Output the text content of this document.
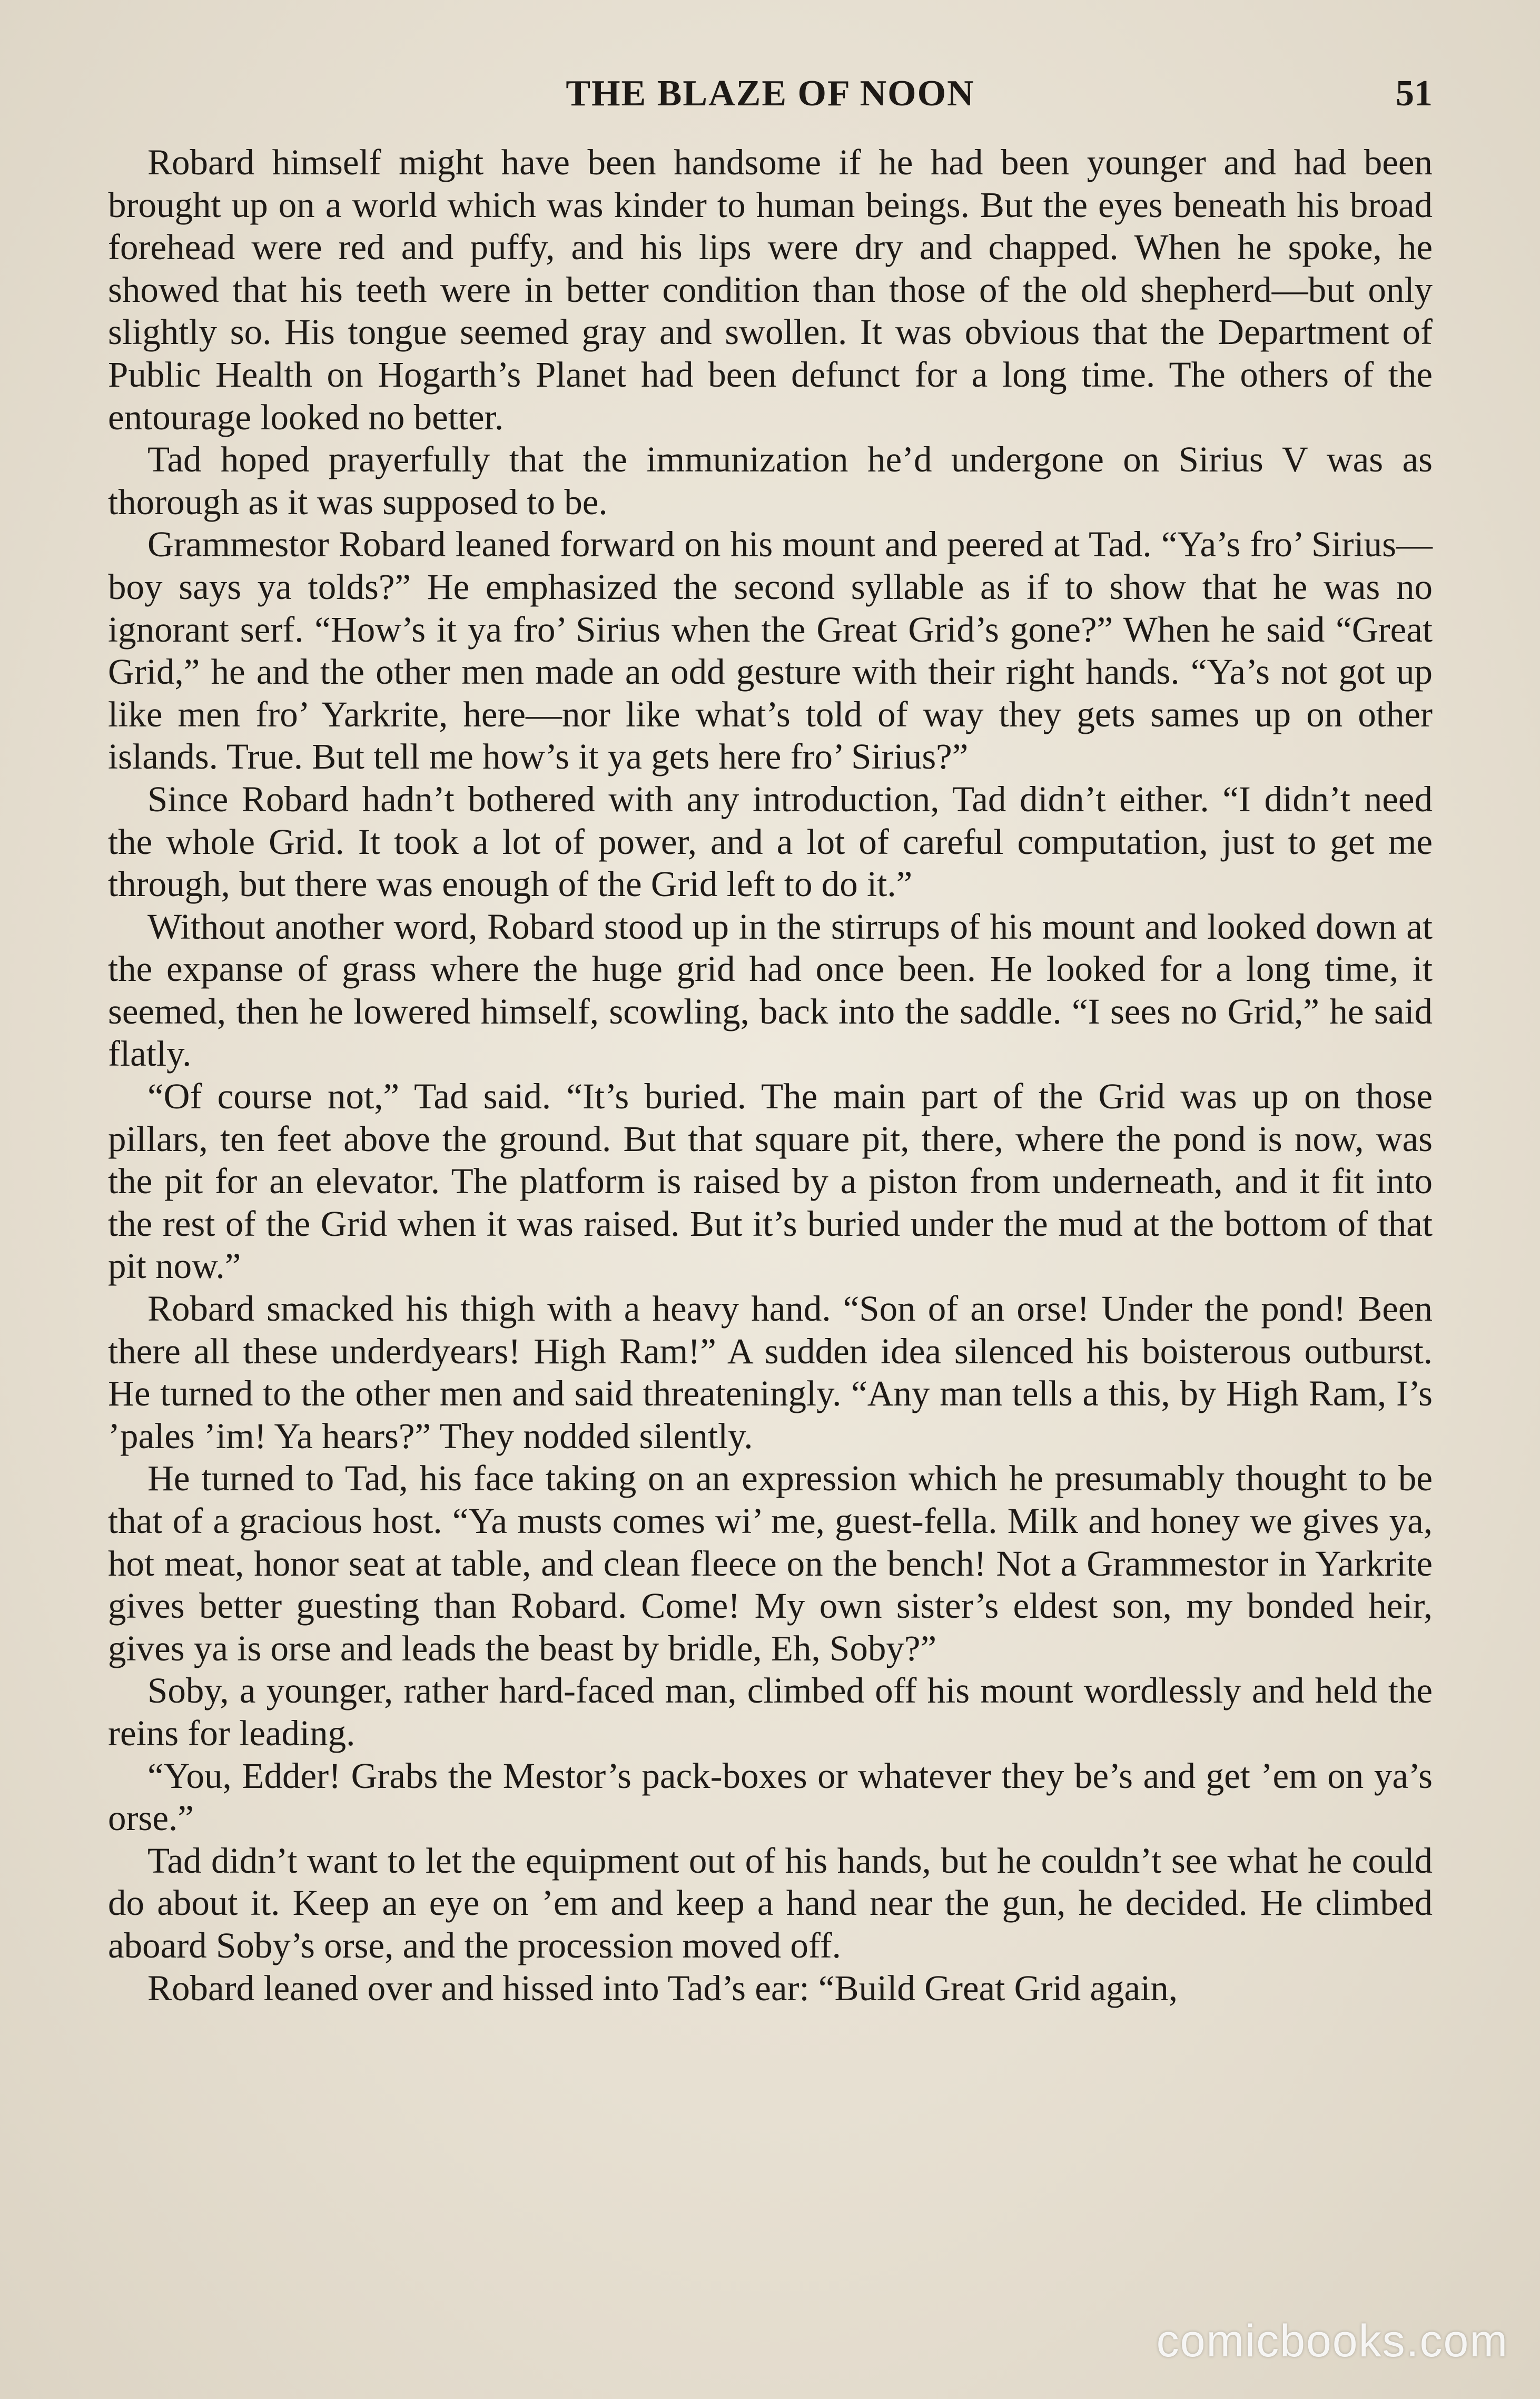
THE BLAZE OF NOON	51

Robard himself might have been handsome if he had been younger and had been brought up on a world which was kinder to human beings. But the eyes beneath his broad forehead were red and puffy, and his lips were dry and chapped. When he spoke, he showed that his teeth were in better condition than those of the old shepherd—but only slightly so. His tongue seemed gray and swollen. It was obvious that the Department of Public Health on Hogarth’s Planet had been defunct for a long time. The others of the entourage looked no better.

Tad hoped prayerfully that the immunization he’d undergone on Sirius V was as thorough as it was supposed to be.

Grammestor Robard leaned forward on his mount and peered at Tad. “Ya’s fro’ Sirius—boy says ya tolds?” He emphasized the second syllable as if to show that he was no ignorant serf. “How’s it ya fro’ Sirius when the Great Grid’s gone?” When he said “Great Grid,” he and the other men made an odd gesture with their right hands. “Ya’s not got up like men fro’ Yarkrite, here—nor like what’s told of way they gets sames up on other islands. True. But tell me how’s it ya gets here fro’ Sirius?”

Since Robard hadn’t bothered with any introduction, Tad didn’t either. “I didn’t need the whole Grid. It took a lot of power, and a lot of careful computation, just to get me through, but there was enough of the Grid left to do it.”

Without another word, Robard stood up in the stirrups of his mount and looked down at the expanse of grass where the huge grid had once been. He looked for a long time, it seemed, then he lowered himself, scowling, back into the saddle. “I sees no Grid,” he said flatly.

“Of course not,” Tad said. “It’s buried. The main part of the Grid was up on those pillars, ten feet above the ground. But that square pit, there, where the pond is now, was the pit for an elevator. The platform is raised by a piston from underneath, and it fit into the rest of the Grid when it was raised. But it’s buried under the mud at the bottom of that pit now.”

Robard smacked his thigh with a heavy hand. “Son of an orse! Under the pond! Been there all these underdyears! High Ram!” A sudden idea silenced his boisterous outburst. He turned to the other men and said threateningly. “Any man tells a this, by High Ram, I’s ’pales ’im! Ya hears?” They nodded silently.

He turned to Tad, his face taking on an expression which he presumably thought to be that of a gracious host. “Ya musts comes wi’ me, guest-fella. Milk and honey we gives ya, hot meat, honor seat at table, and clean fleece on the bench! Not a Grammestor in Yarkrite gives better guesting than Robard. Come! My own sister’s eldest son, my bonded heir, gives ya is orse and leads the beast by bridle, Eh, Soby?”

Soby, a younger, rather hard-faced man, climbed off his mount wordlessly and held the reins for leading.

“You, Edder! Grabs the Mestor’s pack-boxes or whatever they be’s and get ’em on ya’s orse.”

Tad didn’t want to let the equipment out of his hands, but he couldn’t see what he could do about it. Keep an eye on ’em and keep a hand near the gun, he decided. He climbed aboard Soby’s orse, and the procession moved off.

Robard leaned over and hissed into Tad’s ear: “Build Great Grid again,

comicbooks.com
